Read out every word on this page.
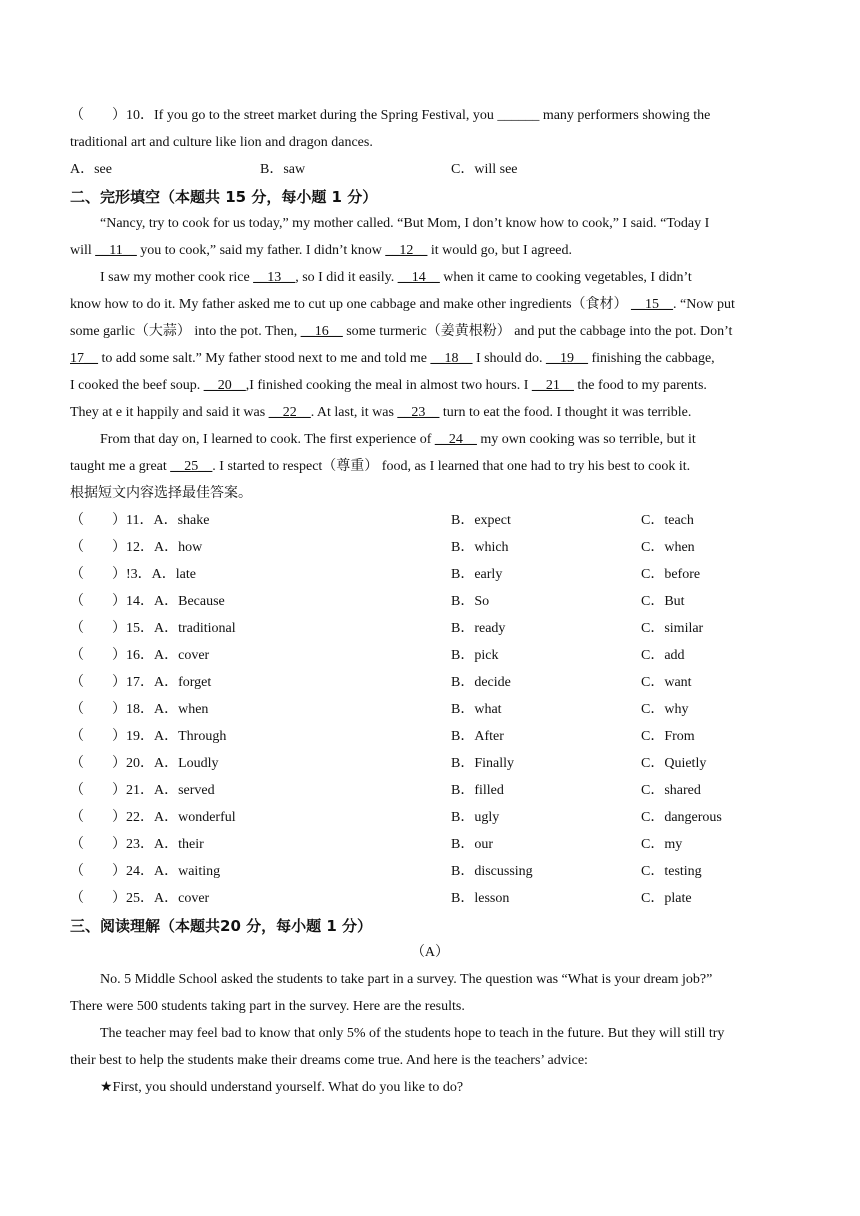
（　　）10．If you go to the street market during the Spring Festival, you ______ many performers showing the
traditional art and culture like lion and dragon dances.
A．see	B．saw	C．will see
二、完形填空（本题共 15 分，每小题 1 分）
“Nancy, try to cook for us today,” my mother called. “But Mom, I don’t know how to cook,” I said. “Today I
will __11__ you to cook,” said my father. I didn’t know __12__ it would go, but I agreed.
I saw my mother cook rice __13__, so I did it easily. __14__ when it came to cooking vegetables, I didn’t
know how to do it. My father asked me to cut up one cabbage and make other ingredients（食材） __15__. “Now put
some garlic（大蒜） into the pot. Then, __16__ some turmeric（姜黄根粉） and put the cabbage into the pot. Don’t
17__ to add some salt.” My father stood next to me and told me __18__ I should do. __19__ finishing the cabbage,
I cooked the beef soup. __20__,I finished cooking the meal in almost two hours. I __21__ the food to my parents.
They at e it happily and said it was __22__. At last, it was __23__ turn to eat the food. I thought it was terrible.
From that day on, I learned to cook. The first experience of __24__ my own cooking was so terrible, but it
taught me a great __25__. I started to respect（尊重） food, as I learned that one had to try his best to cook it.
根据短文内容选择最佳答案。
（　　）11．A．shake	B．expect	C．teach
（　　）12．A．how	B．which	C．when
（　　）!3．A．late	B．early	C．before
（　　）14．A．Because	B．So	C．But
（　　）15．A．traditional	B．ready	C．similar
（　　）16．A．cover	B．pick	C．add
（　　）17．A．forget	B．decide	C．want
（　　）18．A．when	B．what	C．why
（　　）19．A．Through	B．After	C．From
（　　）20．A．Loudly	B．Finally	C．Quietly
（　　）21．A．served	B．filled	C．shared
（　　）22．A．wonderful	B．ugly	C．dangerous
（　　）23．A．their	B．our	C．my
（　　）24．A．waiting	B．discussing	C．testing
（　　）25．A．cover	B．lesson	C．plate
三、阅读理解（本题共20 分，每小题 1 分）
（A）
No. 5 Middle School asked the students to take part in a survey. The question was “What is your dream job?”
There were 500 students taking part in the survey. Here are the results.
The teacher may feel bad to know that only 5% of the students hope to teach in the future. But they will still try
their best to help the students make their dreams come true. And here is the teachers’ advice:
★First, you should understand yourself. What do you like to do?
